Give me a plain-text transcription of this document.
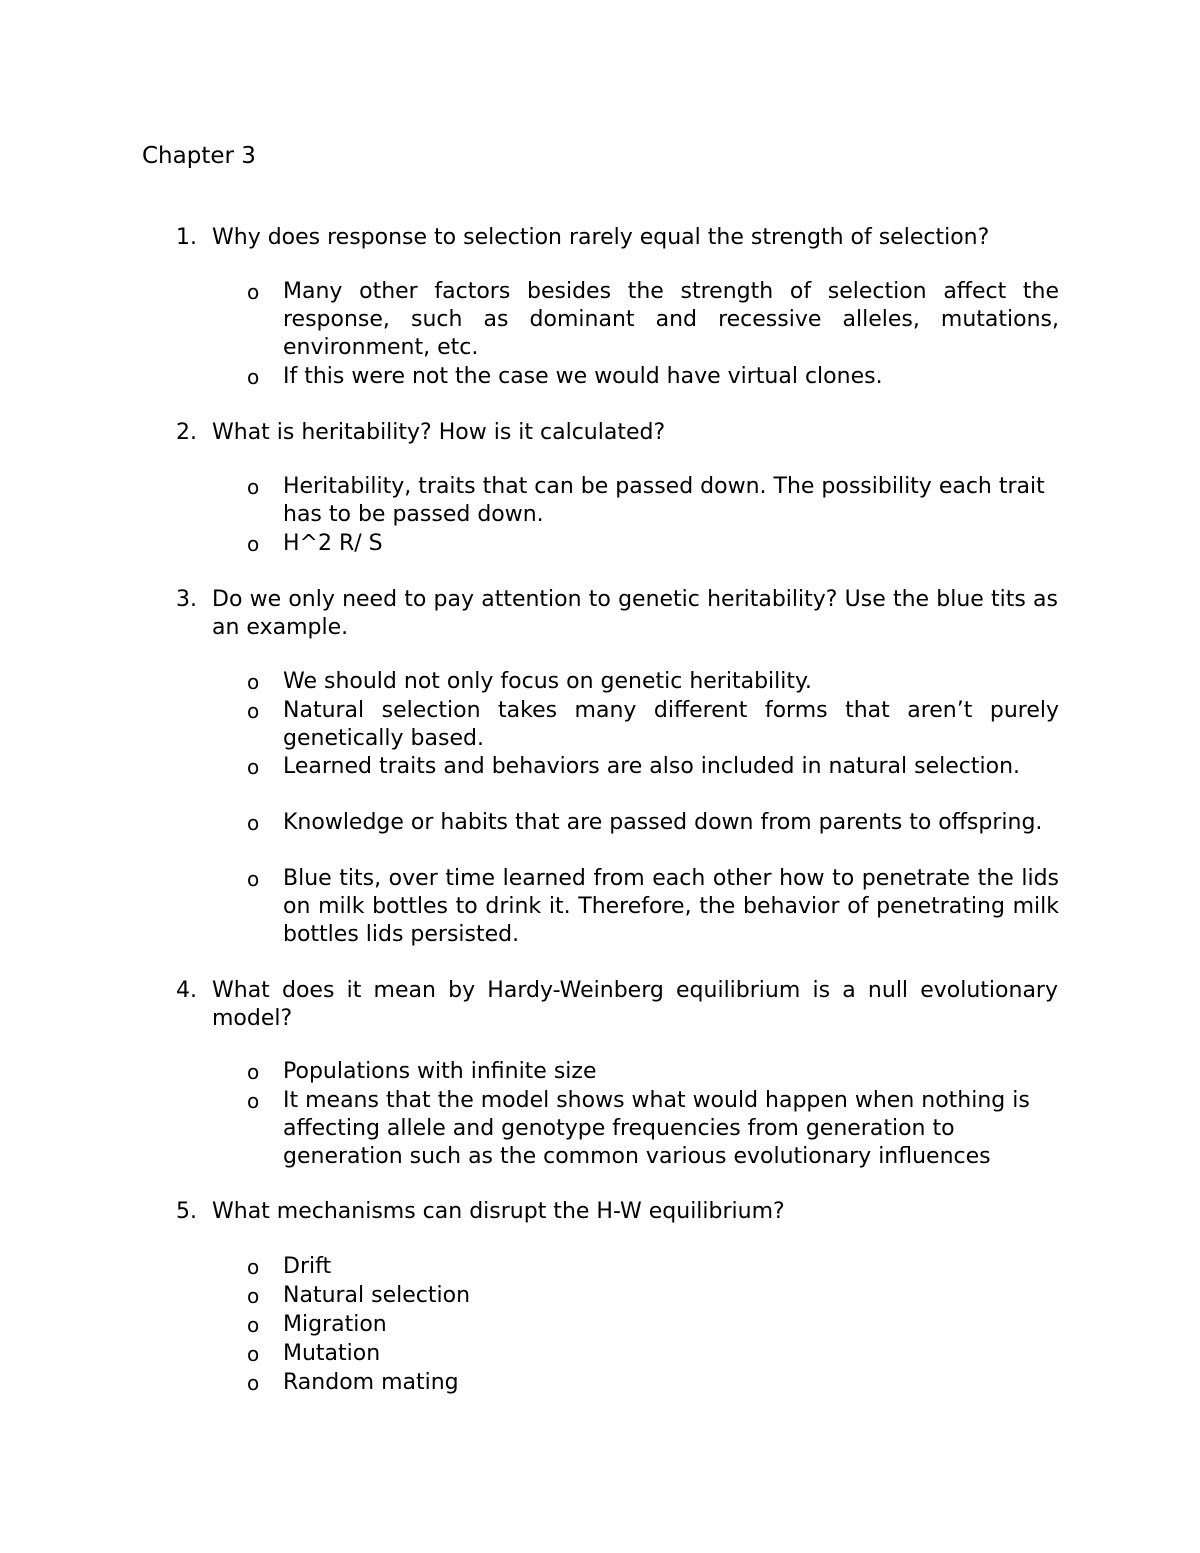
Chapter 3
1. Why does response to selection rarely equal the strength of selection?
o	Many other factors besides the strength of selection affect the response, such as dominant and recessive alleles, mutations, environment, etc.
o	If this were not the case we would have virtual clones.
2. What is heritability? How is it calculated?
o	Heritability, traits that can be passed down. The possibility each trait has to be passed down.
o	H^2 R/ S
3. Do we only need to pay attention to genetic heritability? Use the blue tits as an example.
o	We should not only focus on genetic heritability.
o	Natural selection takes many different forms that aren’t purely genetically based.
o	Learned traits and behaviors are also included in natural selection.
o	Knowledge or habits that are passed down from parents to offspring.
o	Blue tits, over time learned from each other how to penetrate the lids on milk bottles to drink it. Therefore, the behavior of penetrating milk bottles lids persisted.
4. What does it mean by Hardy-Weinberg equilibrium is a null evolutionary model?
o	Populations with infinite size
o	It means that the model shows what would happen when nothing is affecting allele and genotype frequencies from generation to generation such as the common various evolutionary influences
5. What mechanisms can disrupt the H-W equilibrium?
o	Drift
o	Natural selection
o	Migration
o	Mutation
o	Random mating
